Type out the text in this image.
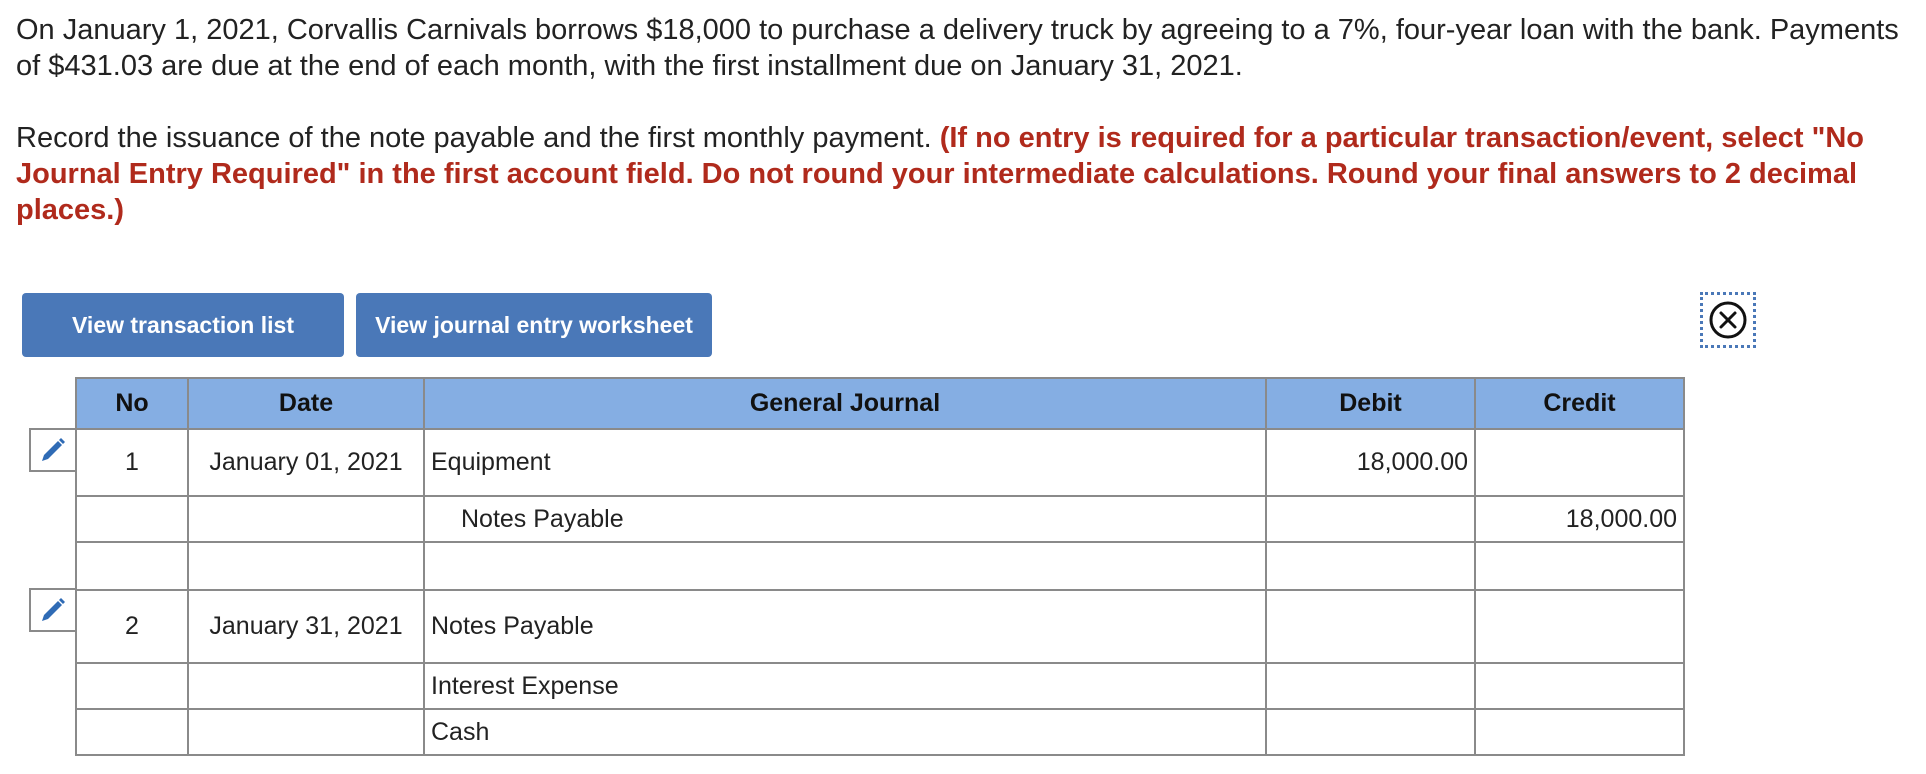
On January 1, 2021, Corvallis Carnivals borrows $18,000 to purchase a delivery truck by agreeing to a 7%, four-year loan with the bank. Payments of $431.03 are due at the end of each month, with the first installment due on January 31, 2021.

Record the issuance of the note payable and the first monthly payment. (If no entry is required for a particular transaction/event, select "No Journal Entry Required" in the first account field. Do not round your intermediate calculations. Round your final answers to 2 decimal places.)

View transaction list	View journal entry worksheet
No	Date	General Journal	Debit	Credit
1	January 01, 2021	Equipment	18,000.00	
		Notes Payable		18,000.00

2	January 31, 2021	Notes Payable		
		Interest Expense		
		Cash		
